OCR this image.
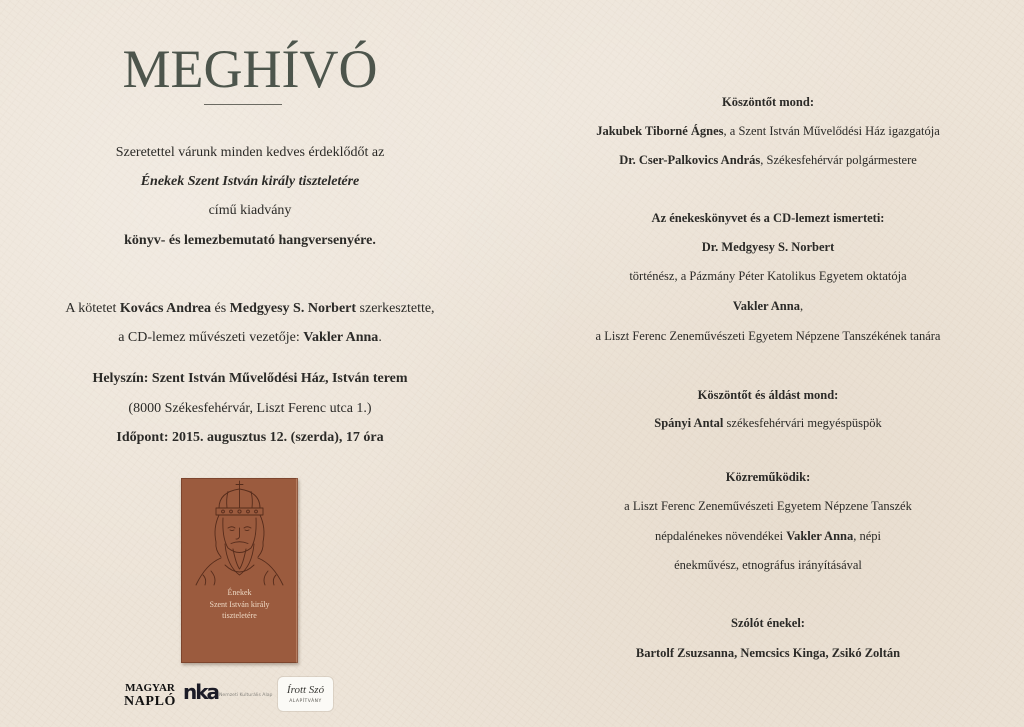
MEGHÍVÓ
Szeretettel várunk minden kedves érdeklődőt az
Énekek Szent István király tiszteletére
című kiadvány
könyv- és lemezbemutató hangversenyére.
A kötetet Kovács Andrea és Medgyesy S. Norbert szerkesztette,
a CD-lemez művészeti vezetője: Vakler Anna.
Helyszín: Szent István Művelődési Ház, István terem
(8000 Székesfehérvár, Liszt Ferenc utca 1.)
Időpont: 2015. augusztus 12. (szerda), 17 óra
Énekek
Szent István király
tiszteletére
MAGYAR
NAPLÓ nka Nemzeti Kulturális Alap	Írott Szó
ALAPÍTVÁNY
Köszöntőt mond:
Jakubek Tiborné Ágnes, a Szent István Művelődési Ház igazgatója
Dr. Cser-Palkovics András, Székesfehérvár polgármestere
Az énekeskönyvet és a CD-lemezt ismerteti:
Dr. Medgyesy S. Norbert
történész, a Pázmány Péter Katolikus Egyetem oktatója
Vakler Anna,
a Liszt Ferenc Zeneművészeti Egyetem Népzene Tanszékének tanára
Köszöntőt és áldást mond:
Spányi Antal székesfehérvári megyéspüspök
Közreműködik:
a Liszt Ferenc Zeneművészeti Egyetem Népzene Tanszék
népdalénekes növendékei Vakler Anna, népi
énekművész, etnográfus irányításával
Szólót énekel:
Bartolf Zsuzsanna, Nemcsics Kinga, Zsikó Zoltán
